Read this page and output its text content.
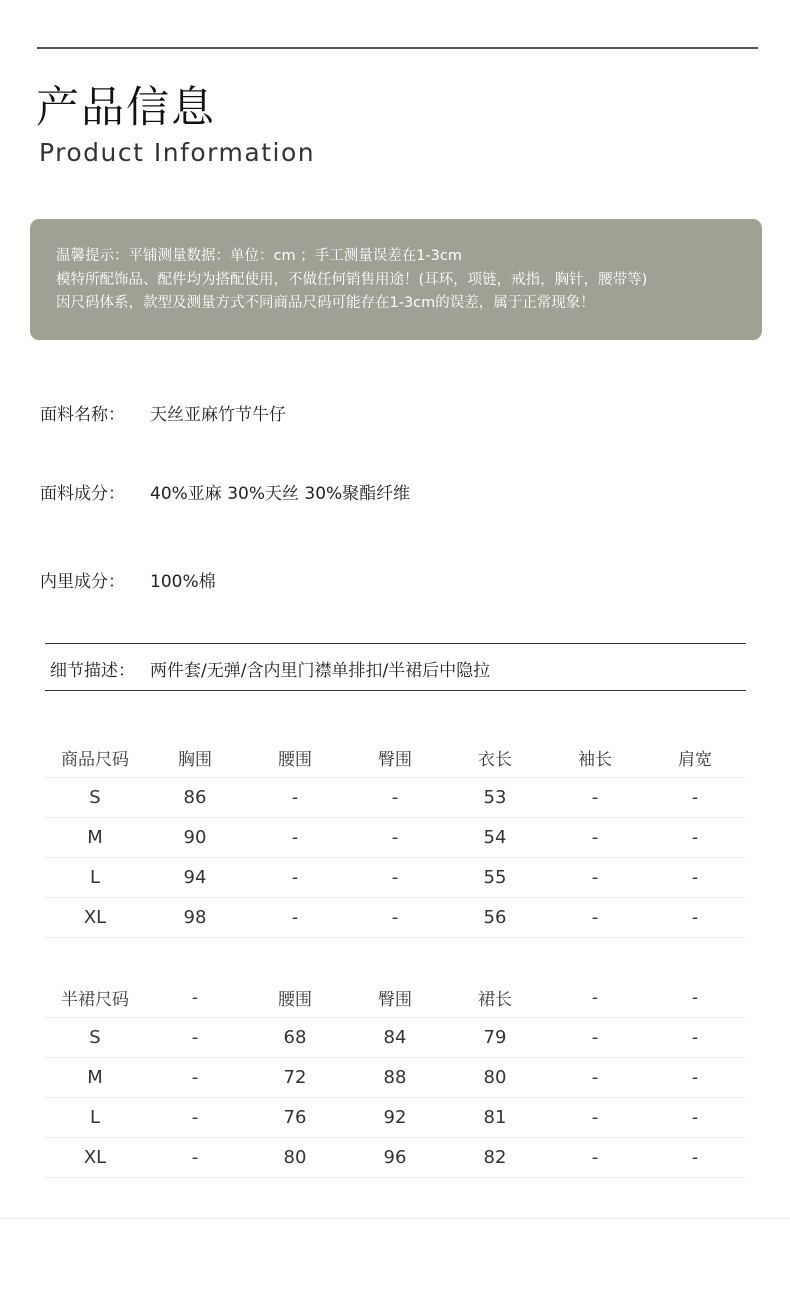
产品信息
Product Information
温馨提示：平铺测量数据：单位：cm ；手工测量误差在1-3cm
模特所配饰品、配件均为搭配使用，不做任何销售用途！(耳环，项链，戒指，胸针，腰带等)
因尺码体系，款型及测量方式不同商品尺码可能存在1-3cm的误差，属于正常现象！
面料名称： 天丝亚麻竹节牛仔
面料成分： 40%亚麻 30%天丝 30%聚酯纤维
内里成分： 100%棉
细节描述： 两件套/无弹/含内里门襟单排扣/半裙后中隐拉
商品尺码	胸围	腰围	臀围	衣长	袖长	肩宽
S	86	-	-	53	-	-
M	90	-	-	54	-	-
L	94	-	-	55	-	-
XL	98	-	-	56	-	-
半裙尺码	-	腰围	臀围	裙长	-	-
S	-	68	84	79	-	-
M	-	72	88	80	-	-
L	-	76	92	81	-	-
XL	-	80	96	82	-	-
